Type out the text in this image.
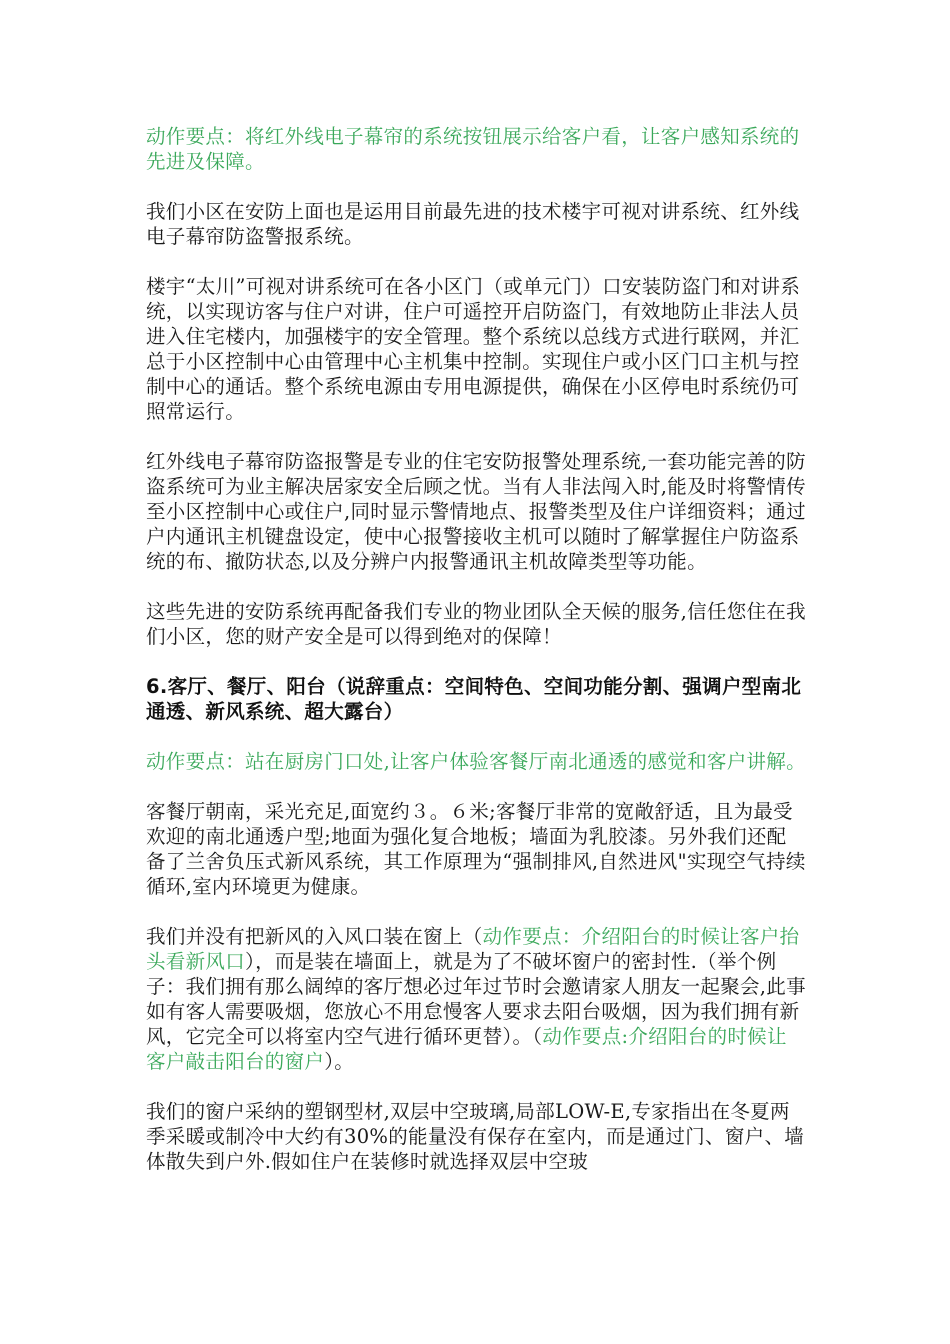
动作要点：将红外线电子幕帘的系统按钮展示给客户看，让客户感知系统的先进及保障。

我们小区在安防上面也是运用目前最先进的技术楼宇可视对讲系统、红外线电子幕帘防盗警报系统。

楼宇“太川”可视对讲系统可在各小区门（或单元门）口安装防盗门和对讲系统，以实现访客与住户对讲，住户可遥控开启防盗门，有效地防止非法人员进入住宅楼内，加强楼宇的安全管理。整个系统以总线方式进行联网，并汇总于小区控制中心由管理中心主机集中控制。实现住户或小区门口主机与控制中心的通话。整个系统电源由专用电源提供，确保在小区停电时系统仍可照常运行。

红外线电子幕帘防盗报警是专业的住宅安防报警处理系统,一套功能完善的防盗系统可为业主解决居家安全后顾之忧。当有人非法闯入时,能及时将警情传至小区控制中心或住户,同时显示警情地点、报警类型及住户详细资料；通过户内通讯主机键盘设定，使中心报警接收主机可以随时了解掌握住户防盗系统的布、撤防状态,以及分辨户内报警通讯主机故障类型等功能。

这些先进的安防系统再配备我们专业的物业团队全天候的服务,信任您住在我们小区，您的财产安全是可以得到绝对的保障！

6.客厅、餐厅、阳台（说辞重点：空间特色、空间功能分割、强调户型南北通透、新风系统、超大露台）

动作要点：站在厨房门口处,让客户体验客餐厅南北通透的感觉和客户讲解。

客餐厅朝南，采光充足,面宽约３。６米;客餐厅非常的宽敞舒适，且为最受欢迎的南北通透户型;地面为强化复合地板；墙面为乳胶漆。另外我们还配备了兰舍负压式新风系统，其工作原理为“强制排风,自然进风"实现空气持续循环,室内环境更为健康。

我们并没有把新风的入风口装在窗上（动作要点：介绍阳台的时候让客户抬头看新风口），而是装在墙面上，就是为了不破坏窗户的密封性.（举个例子：我们拥有那么阔绰的客厅想必过年过节时会邀请家人朋友一起聚会,此事如有客人需要吸烟，您放心不用怠慢客人要求去阳台吸烟，因为我们拥有新风，它完全可以将室内空气进行循环更替）。（动作要点:介绍阳台的时候让客户敲击阳台的窗户）。

我们的窗户采纳的塑钢型材,双层中空玻璃,局部LOW-E,专家指出在冬夏两季采暖或制冷中大约有30%的能量没有保存在室内，而是通过门、窗户、墙体散失到户外.假如住户在装修时就选择双层中空玻
